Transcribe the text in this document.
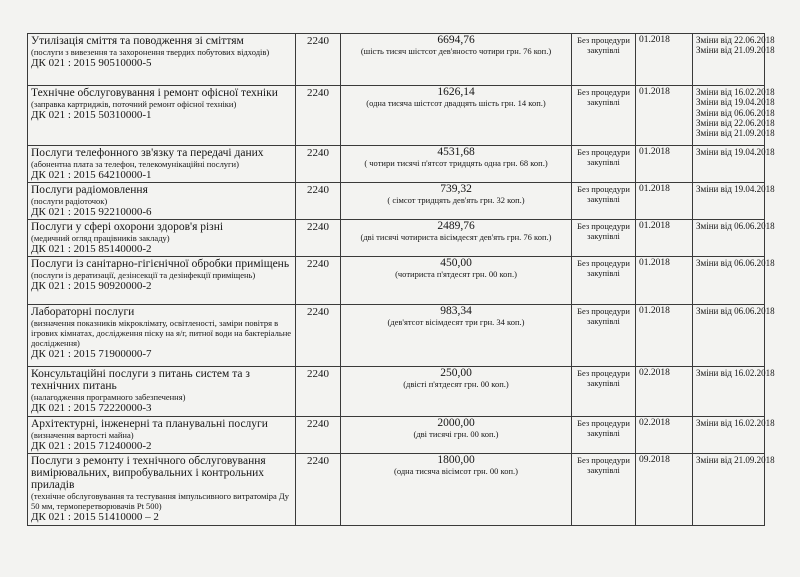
Утилізація сміття та поводження зі сміттям
(послуги з вивезення та захоронення твердих побутових відходів)
ДК 021 : 2015 90510000-5	2240	6694,76
(шість тисяч шістсот дев'яносто чотири грн. 76 коп.)	Без процедури закупівлі	01.2018	Зміни від 22.06.2018
Зміни від 21.09.2018

Технічне обслуговування і ремонт офісної техніки
(заправка картриджів, поточний ремонт офісної техніки)
ДК 021 : 2015 50310000-1	2240	1626,14
(одна тисяча шістсот двадцять шість грн. 14 коп.)	Без процедури закупівлі	01.2018	Зміни від 16.02.2018
Зміни від 19.04.2018
Зміни від 06.06.2018
Зміни від 22.06.2018
Зміни від 21.09.2018

Послуги телефонного зв'язку та передачі даних
(абонентна плата за телефон, телекомунікаційні послуги)
ДК 021 : 2015 64210000-1	2240	4531,68
( чотири тисячі п'ятсот тридцять одна грн. 68 коп.)	Без процедури закупівлі	01.2018	Зміни від 19.04.2018

Послуги радіомовлення
(послуги радіоточок)
ДК 021 : 2015 92210000-6	2240	739,32
( сімсот тридцять дев'ять грн. 32 коп.)	Без процедури закупівлі	01.2018	Зміни від 19.04.2018

Послуги у сфері охорони здоров'я різні
(медичний огляд працівників закладу)
ДК 021 : 2015 85140000-2	2240	2489,76
(дві тисячі чотириста вісімдесят дев'ять грн. 76 коп.)	Без процедури закупівлі	01.2018	Зміни від 06.06.2018

Послуги із санітарно-гігієнічної обробки приміщень
(послуги із дератизації, дезінсекції та дезінфекції приміщень)
ДК 021 : 2015 90920000-2	2240	450,00
(чотириста п'ятдесят грн. 00 коп.)	Без процедури закупівлі	01.2018	Зміни від 06.06.2018

Лабораторні послуги
(визначення показників мікроклімату, освітленості, заміри повітря в ігрових кімнатах, дослідження піску на я/г, питної води на бактеріальне дослідження)
ДК 021 : 2015 71900000-7	2240	983,34
(дев'ятсот вісімдесят три грн. 34 коп.)	Без процедури закупівлі	01.2018	Зміни від 06.06.2018

Консультаційні послуги з питань систем та з технічних питань
(налагодження програмного забезпечення)
ДК 021 : 2015 72220000-3	2240	250,00
(двісті п'ятдесят грн. 00 коп.)	Без процедури закупівлі	02.2018	Зміни від 16.02.2018

Архітектурні, інженерні та планувальні послуги
(визначення вартості майна)
ДК 021 : 2015 71240000-2	2240	2000,00
(дві тисячі грн. 00 коп.)	Без процедури закупівлі	02.2018	Зміни від 16.02.2018

Послуги з ремонту і технічного обслуговування вимірювальних, випробувальних і контрольних приладів
(технічне обслуговування та тестування імпульсивного витратоміра Ду 50 мм, термоперетворювачів Pt 500)
ДК 021 : 2015 51410000 – 2	2240	1800,00
(одна тисяча вісімсот грн. 00 коп.)	Без процедури закупівлі	09.2018	Зміни від 21.09.2018
